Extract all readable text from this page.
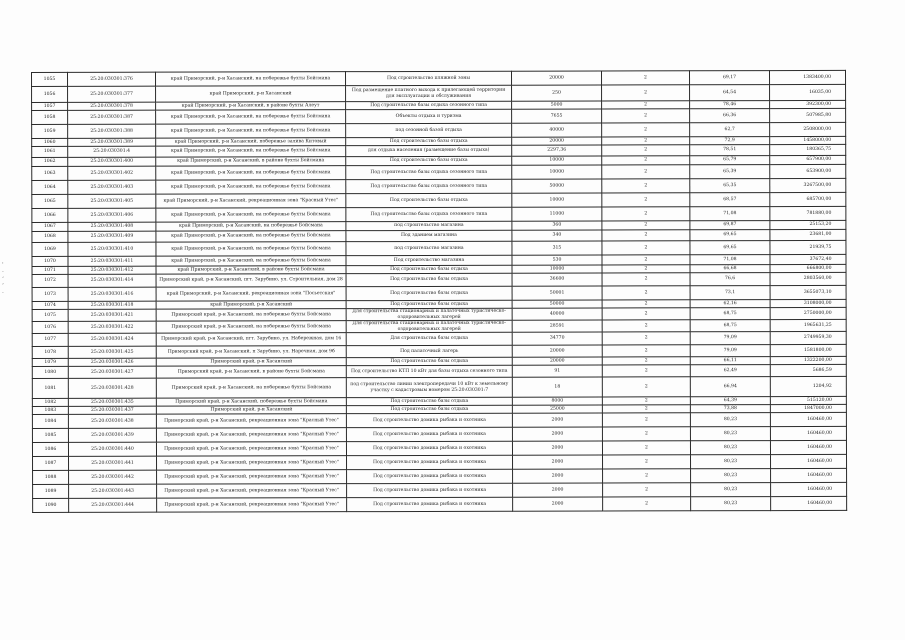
'
·
‘
’
·
1055	25:20:030301:376	край Приморский, р-н Хасанский, на побережье бухты Бойсмана	Под строительство пляжной зоны	20000	2	69,17	1383400,00
1056	25:20:030301:377	край Приморский, р-н Хасанский	Под размещение платного выхода к прилегающей территории для эксплуатации и обслуживания	250	2	64,54	16035,00
1057	25:20:030301:378	край Приморский, р-н Хасанский, в районе бухты Алеут	Под строительство базы отдыха сезонного типа	5000	2	78,46	392300,00
1058	25:20:030301:387	край Приморский, р-н Хасанский, на побережье бухты Бойсмана	Объекты отдыха и туризма	7655	2	66,36	507985,80
1059	25:20:030301:388	край Приморский, р-н Хасанский, на побережье бухты Бойсмана	под сезонной базой отдыха	40000	2	62,7	2508000,00
1060	25:20:030301:389	край Приморский, р-н Хасанский, побережье залива Китовый	Под строительство базы отдыха	20000	2	72,9	1458000,00
1061	25:20:030301:4	край Приморский, р-н Хасанский, на побережье бухты Бойсмана	для отдыха населения (размещение базы отдыха)	2297,36	2	78,51	180365,75
1062	25:20:030301:400	край Приморский, р-н Хасанский, в районе бухты Бойсмана	Под строительство базы отдыха	10000	2	65,79	657900,00
1063	25:20:030301:402	край Приморский, р-н Хасанский, на побережье бухты Бойсмана	Под строительство базы отдыха сезонного типа	10000	2	65,39	653900,00
1064	25:20:030301:403	край Приморский, р-н Хасанский, на побережье бухты Бойсмана	Под строительство базы отдыха сезонного типа	50000	2	65,35	3267500,00
1065	25:20:030301:405	край Приморский, р-н Хасанский, рекреационная зона "Красный Утес"	Под строительство базы отдыха	10000	2	68,57	685700,00
1066	25:20:030301:406	край Приморский, р-н Хасанский, на побережье бухты Бойсмана	Под строительство базы отдыха сезонного типа	11000	2	71,08	781880,00
1067	25:20:030301:408	край Приморский, р-н Хасанский, на побережье Бойсмана	под строительство магазина	360	2	69,87	25153,20
1068	25:20:030301:409	край Приморский, р-н Хасанский, на побережье бухты Бойсмана	Под зданием магазина	340	2	69,65	23681,00
1069	25:20:030301:410	край Приморский, р-н Хасанский, на побережье бухты Бойсмана	под строительство магазина	315	2	69,65	21939,75
1070	25:20:030301:411	край Приморский, р-н Хасанский, на побережье бухты Бойсмана	Под строительство магазина	530	2	71,08	37672,40
1071	25:20:030301:412	край Приморский, р-н Хасанский, в районе бухты Бойсмана	Под строительство базы отдыха	10000	2	66,68	666800,00
1072	25:20:030301:414	Приморский край, р-н Хасанский, пгт. Зарубино, ул. Строительная, дом 28	Под строительство базы отдыха	36600	2	76,6	2803560,00
1073	25:20:030301:416	край Приморский, р-н Хасанский, рекреационная зона "Посьетская"	Под строительство базы отдыха	50001	2	73,1	3655073,10
1074	25:20:030301:418	край Приморский, р-н Хасанский	Под строительство базы отдыха	50000	2	62,16	3108000,00
1075	25:20:030301:421	Приморский край, р-н Хасанский, на побережье бухты Бойсмана	Для строительства стационарных и палаточных туристическо-оздоровительных лагерей	40000	2	68,75	2750000,00
1076	25:20:030301:422	Приморский край, р-н Хасанский, на побережье бухты Бойсмана	Для строительства стационарных и палаточных туристическо-оздоровительных лагерей	28591	2	68,75	1965631,25
1077	25:20:030301:424	Приморский край, р-н Хасанский, пгт. Зарубино, ул. Набережная, дом 16	Для строительства базы отдыха	34770	2	79,09	2749959,30
1078	25:20:030301:425	Приморский край, р-н Хасанский, п Зарубино, ул. Наречная, дом 9б	Под палаточный лагерь	20000	2	79,09	1581800,00
1079	25:20:030301:426	Приморский край, р-н Хасанский	Под строительство базы отдыха	20000	2	66,11	1322200,00
1080	25:20:030301:427	Приморский край, р-н Хасанский, в районе бухты Бойсмана	Под строительство КТП 10 кВт для базы отдыха сезонного типа	91	2	62,49	5686,59
1081	25:20:030301:428	Приморский край, р-н Хасанский, на побережье бухты Бойсмана	под строительство линии электропередачи 10 кВт к земельному участку с кадастровым номером 25:20:030301:7	18	2	66,94	1204,92
1082	25:20:030301:435	Приморский край, р-н Хасанский, побережье бухты Бойсмана	Под строительство базы отдыха	8000	2	64,39	515120,00
1083	25:20:030301:437	Приморский край, р-н Хасанский	Под строительство базы отдыха	25000	2	73,88	1847000,00
1084	25:20:030301:438	Приморский край, р-н Хасанский, рекреационная зона "Красный Утес"	Под строительство домика рыбака и охотника	2000	2	80,23	160460,00
1085	25:20:030301:439	Приморский край, р-н Хасанский, рекреационная зона "Красный Утес"	Под строительство домика рыбака и охотника	2000	2	80,23	160460,00
1086	25:20:030301:440	Приморский край, р-н Хасанский, рекреационная зона "Красный Утес"	Под строительство домика рыбака и охотника	2000	2	80,23	160460,00
1087	25:20:030301:441	Приморский край, р-н Хасанский, рекреационная зона "Красный Утес"	Под строительство домика рыбака и охотника	2000	2	80,23	160460,00
1088	25:20:030301:442	Приморский край, р-н Хасанский, рекреационная зона "Красный Утес"	Под строительство домика рыбака и охотника	2000	2	80,23	160460,00
1089	25:20:030301:443	Приморский край, р-н Хасанский, рекреационная зона "Красный Утес"	Под строительство домика рыбака и охотника	2000	2	80,23	160460,00
1090	25:20:030301:444	Приморский край, р-н Хасанский, рекреационная зона "Красный Утес"	Под строительство домика рыбака и охотника	2000	2	80,23	160460,00
